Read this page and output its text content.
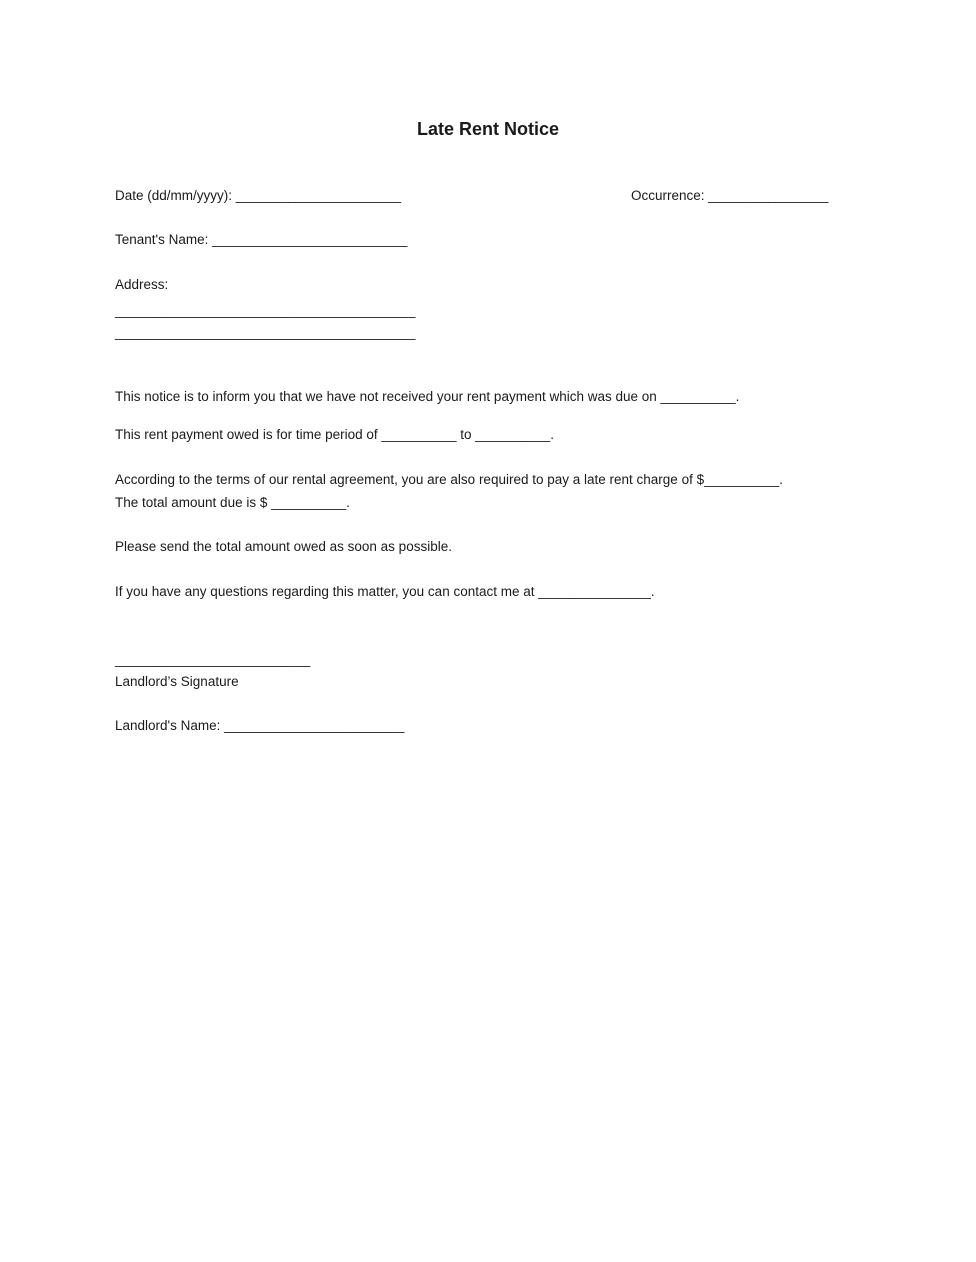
Late Rent Notice

Date (dd/mm/yyyy): ______________________	Occurrence: ________________

Tenant's Name: __________________________

Address:

________________________________________

________________________________________

This notice is to inform you that we have not received your rent payment which was due on __________.

This rent payment owed is for time period of __________ to __________.

According to the terms of our rental agreement, you are also required to pay a late rent charge of $__________.

The total amount due is $ __________.

Please send the total amount owed as soon as possible.

If you have any questions regarding this matter, you can contact me at _______________.

__________________________

Landlord’s Signature

Landlord's Name: ________________________
